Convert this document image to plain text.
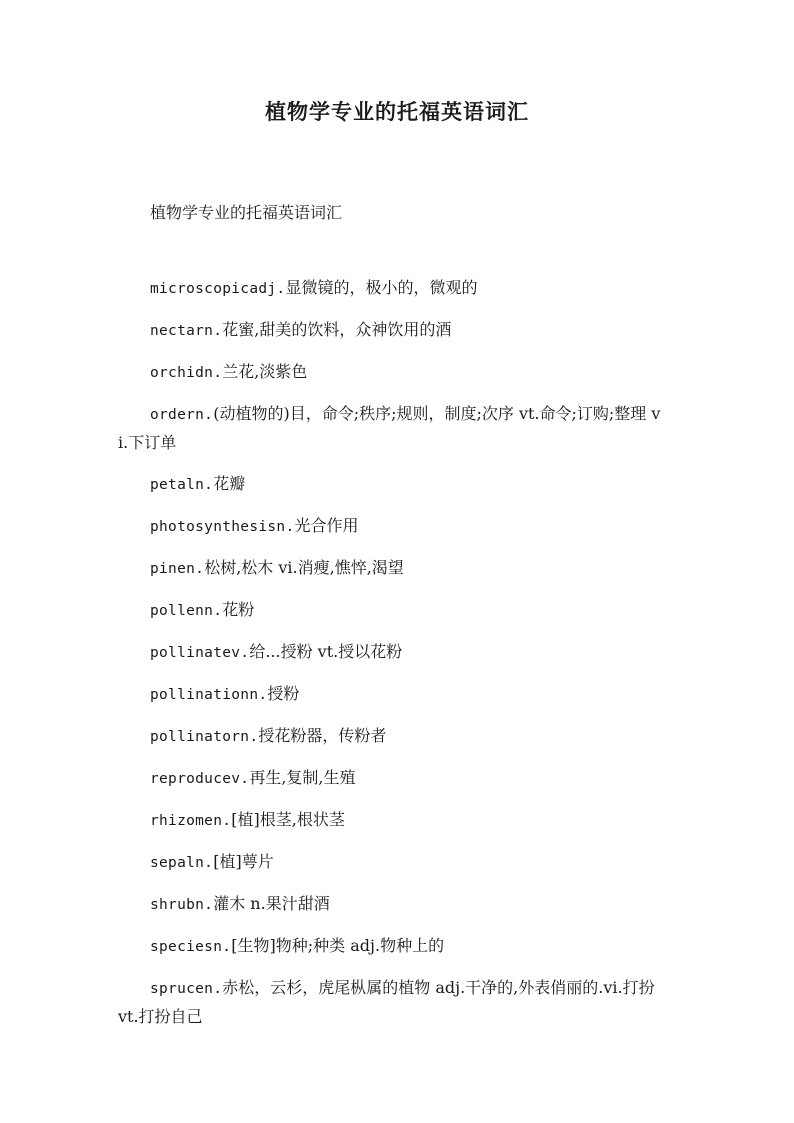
植物学专业的托福英语词汇

植物学专业的托福英语词汇

microscopicadj.显微镜的，极小的，微观的
nectarn.花蜜,甜美的饮料，众神饮用的酒
orchidn.兰花,淡紫色
ordern.(动植物的)目，命令;秩序;规则，制度;次序 vt.命令;订购;整理 vi.下订单
petaln.花瓣
photosynthesisn.光合作用
pinen.松树,松木 vi.消瘦,憔悴,渴望
pollenn.花粉
pollinatev.给...授粉 vt.授以花粉
pollinationn.授粉
pollinatorn.授花粉器，传粉者
reproducev.再生,复制,生殖
rhizomen.[植]根茎,根状茎
sepaln.[植]萼片
shrubn.灌木 n.果汁甜酒
speciesn.[生物]物种;种类 adj.物种上的
sprucen.赤松，云杉，虎尾枞属的植物 adj.干净的,外表俏丽的.vi.打扮 vt.打扮自己
